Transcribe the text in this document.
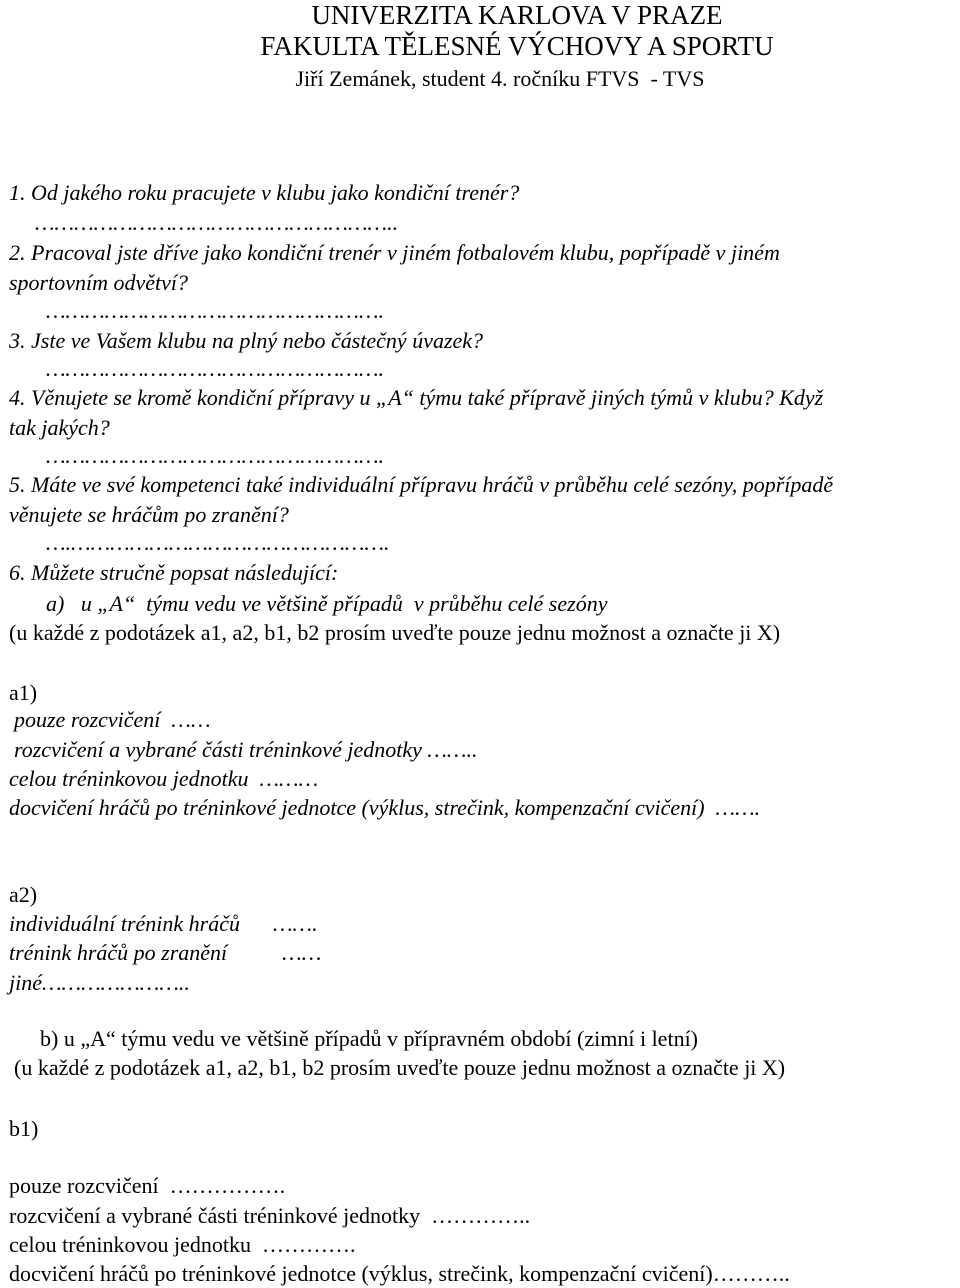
UNIVERZITA KARLOVA V PRAZE
FAKULTA TĚLESNÉ VÝCHOVY A SPORTU
Jiří Zemánek, student 4. ročníku FTVS  - TVS
1. Od jakého roku pracujete v klubu jako kondiční trenér?
………………………………………………..
2. Pracoval jste dříve jako kondiční trenér v jiném fotbalovém klubu, popřípadě v jiném
sportovním odvětví?
…………………………………………….
3. Jste ve Vašem klubu na plný nebo částečný úvazek?
…………………………………………….
4. Věnujete se kromě kondiční přípravy u „A“ týmu také přípravě jiných týmů v klubu? Když
tak jakých?
…………………………………………….
5. Máte ve své kompetenci také individuální přípravu hráčů v průběhu celé sezóny, popřípadě
věnujete se hráčům po zranění?
….………………………………………….
6. Můžete stručně popsat následující:
a)   u „A“  týmu vedu ve většině případů  v průběhu celé sezóny
(u každé z podotázek a1, a2, b1, b2 prosím uveďte pouze jednu možnost a označte ji X)
a1)
pouze rozcvičení  ……
rozcvičení a vybrané části tréninkové jednotky ……..
celou tréninkovou jednotku  ………
docvičení hráčů po tréninkové jednotce (výklus, strečink, kompenzační cvičení)  …….
a2)
individuální trénink hráčů      …….
trénink hráčů po zranění          ……
jiné…………………..
b) u „A“ týmu vedu ve většině případů v přípravném období (zimní i letní)
(u každé z podotázek a1, a2, b1, b2 prosím uveďte pouze jednu možnost a označte ji X)
b1)
pouze rozcvičení  …………….
rozcvičení a vybrané části tréninkové jednotky  …………..
celou tréninkovou jednotku  ………….
docvičení hráčů po tréninkové jednotce (výklus, strečink, kompenzační cvičení)………..
